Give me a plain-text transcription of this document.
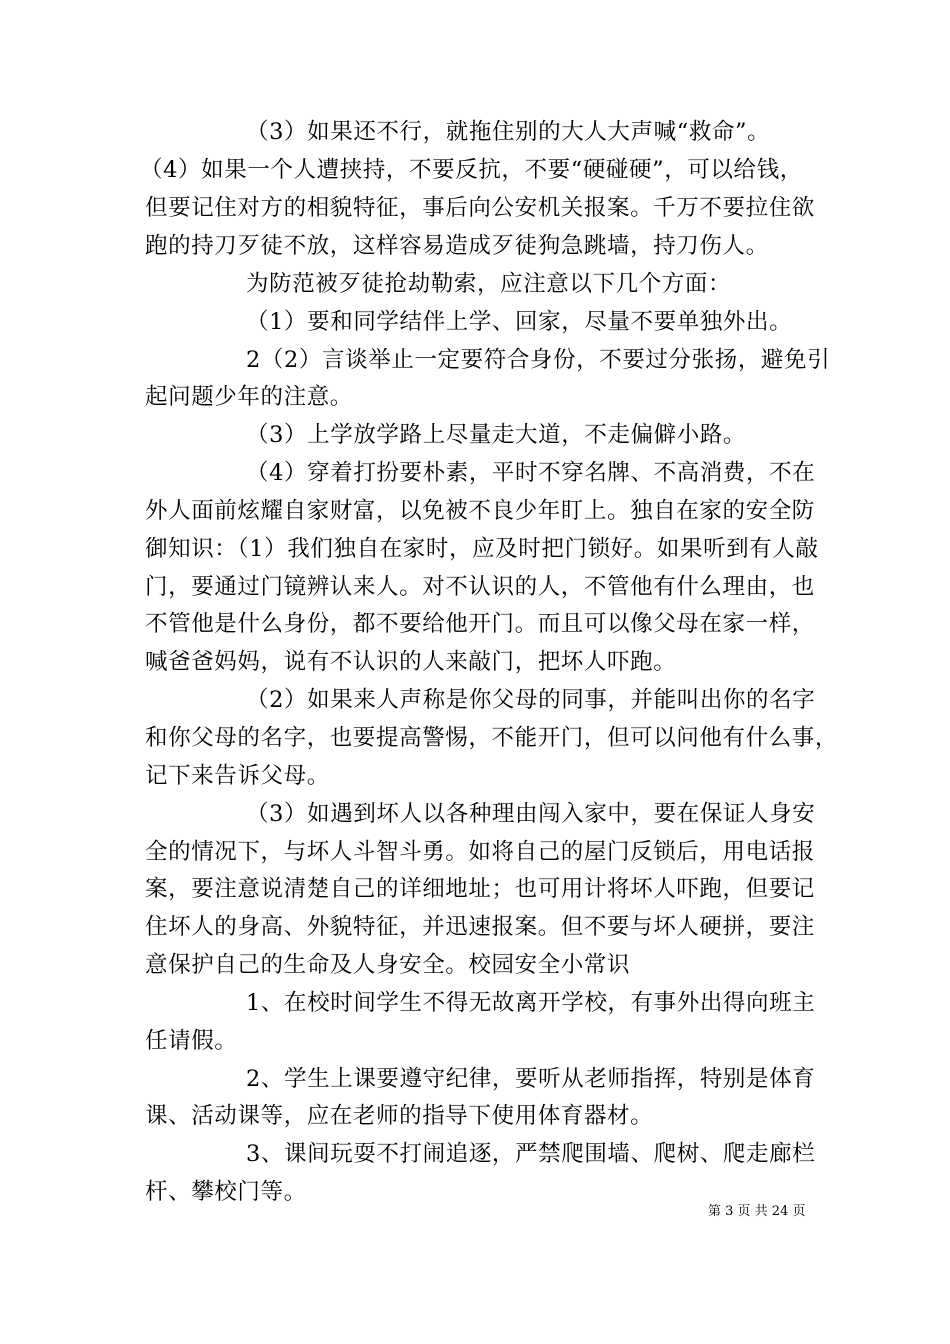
（3）如果还不行，就拖住别的大人大声喊“救命”。
（4）如果一个人遭挟持，不要反抗，不要“硬碰硬”，可以给钱，
但要记住对方的相貌特征，事后向公安机关报案。千万不要拉住欲
跑的持刀歹徒不放，这样容易造成歹徒狗急跳墙，持刀伤人。
为防范被歹徒抢劫勒索，应注意以下几个方面：
（1）要和同学结伴上学、回家，尽量不要单独外出。
2（2）言谈举止一定要符合身份，不要过分张扬，避免引
起问题少年的注意。
（3）上学放学路上尽量走大道，不走偏僻小路。
（4）穿着打扮要朴素，平时不穿名牌、不高消费，不在
外人面前炫耀自家财富，以免被不良少年盯上。独自在家的安全防
御知识：（1）我们独自在家时，应及时把门锁好。如果听到有人敲
门，要通过门镜辨认来人。对不认识的人，不管他有什么理由，也
不管他是什么身份，都不要给他开门。而且可以像父母在家一样，
喊爸爸妈妈，说有不认识的人来敲门，把坏人吓跑。
（2）如果来人声称是你父母的同事，并能叫出你的名字
和你父母的名字，也要提高警惕，不能开门，但可以问他有什么事，
记下来告诉父母。
（3）如遇到坏人以各种理由闯入家中，要在保证人身安
全的情况下，与坏人斗智斗勇。如将自己的屋门反锁后，用电话报
案，要注意说清楚自己的详细地址；也可用计将坏人吓跑，但要记
住坏人的身高、外貌特征，并迅速报案。但不要与坏人硬拼，要注
意保护自己的生命及人身安全。校园安全小常识
1、在校时间学生不得无故离开学校，有事外出得向班主
任请假。
2、学生上课要遵守纪律，要听从老师指挥，特别是体育
课、活动课等，应在老师的指导下使用体育器材。
3、课间玩耍不打闹追逐，严禁爬围墙、爬树、爬走廊栏
杆、攀校门等。
第 3 页 共 24 页
